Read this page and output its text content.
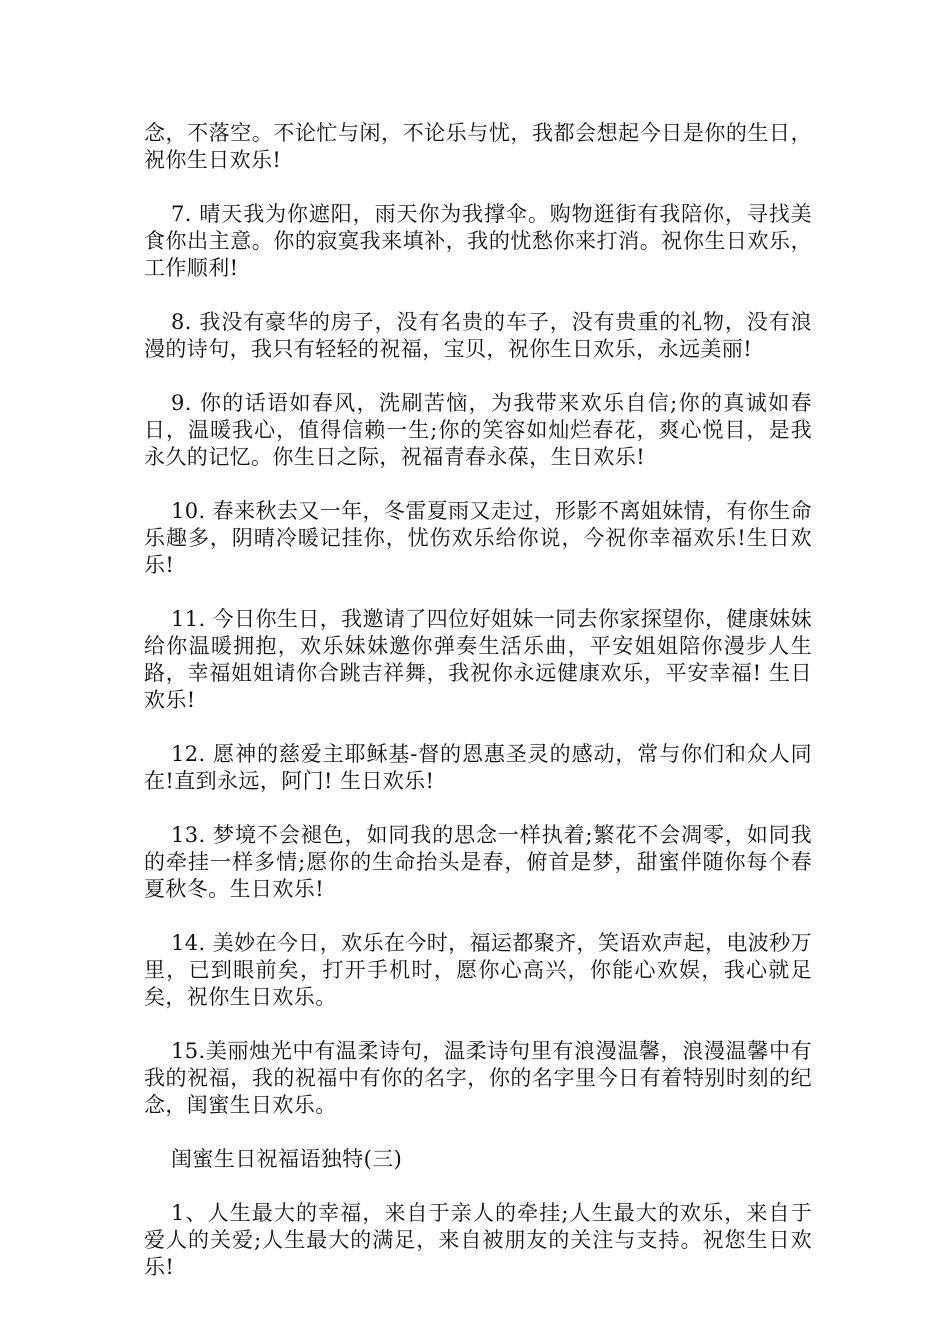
念，不落空。不论忙与闲，不论乐与忧，我都会想起今日是你的生日，祝你生日欢乐!

7. 晴天我为你遮阳，雨天你为我撑伞。购物逛街有我陪你，寻找美食你出主意。你的寂寞我来填补，我的忧愁你来打消。祝你生日欢乐，工作顺利!

8. 我没有豪华的房子，没有名贵的车子，没有贵重的礼物，没有浪漫的诗句，我只有轻轻的祝福，宝贝，祝你生日欢乐，永远美丽!

9. 你的话语如春风，洗刷苦恼，为我带来欢乐自信;你的真诚如春日，温暖我心，值得信赖一生;你的笑容如灿烂春花，爽心悦目，是我永久的记忆。你生日之际，祝福青春永葆，生日欢乐!

10. 春来秋去又一年，冬雷夏雨又走过，形影不离姐妹情，有你生命乐趣多，阴晴冷暖记挂你，忧伤欢乐给你说，今祝你幸福欢乐!生日欢乐!

11. 今日你生日，我邀请了四位好姐妹一同去你家探望你，健康妹妹给你温暖拥抱，欢乐妹妹邀你弹奏生活乐曲，平安姐姐陪你漫步人生路，幸福姐姐请你合跳吉祥舞，我祝你永远健康欢乐，平安幸福! 生日欢乐!

12. 愿神的慈爱主耶稣基-督的恩惠圣灵的感动，常与你们和众人同在!直到永远，阿门! 生日欢乐!

13. 梦境不会褪色，如同我的思念一样执着;繁花不会凋零，如同我的牵挂一样多情;愿你的生命抬头是春，俯首是梦，甜蜜伴随你每个春夏秋冬。生日欢乐!

14. 美妙在今日，欢乐在今时，福运都聚齐，笑语欢声起，电波秒万里，已到眼前矣，打开手机时，愿你心高兴，你能心欢娱，我心就足矣，祝你生日欢乐。

15.美丽烛光中有温柔诗句，温柔诗句里有浪漫温馨，浪漫温馨中有我的祝福，我的祝福中有你的名字，你的名字里今日有着特别时刻的纪念，闺蜜生日欢乐。

闺蜜生日祝福语独特(三)

1、人生最大的幸福，来自于亲人的牵挂;人生最大的欢乐，来自于爱人的关爱;人生最大的满足，来自被朋友的关注与支持。祝您生日欢乐!
